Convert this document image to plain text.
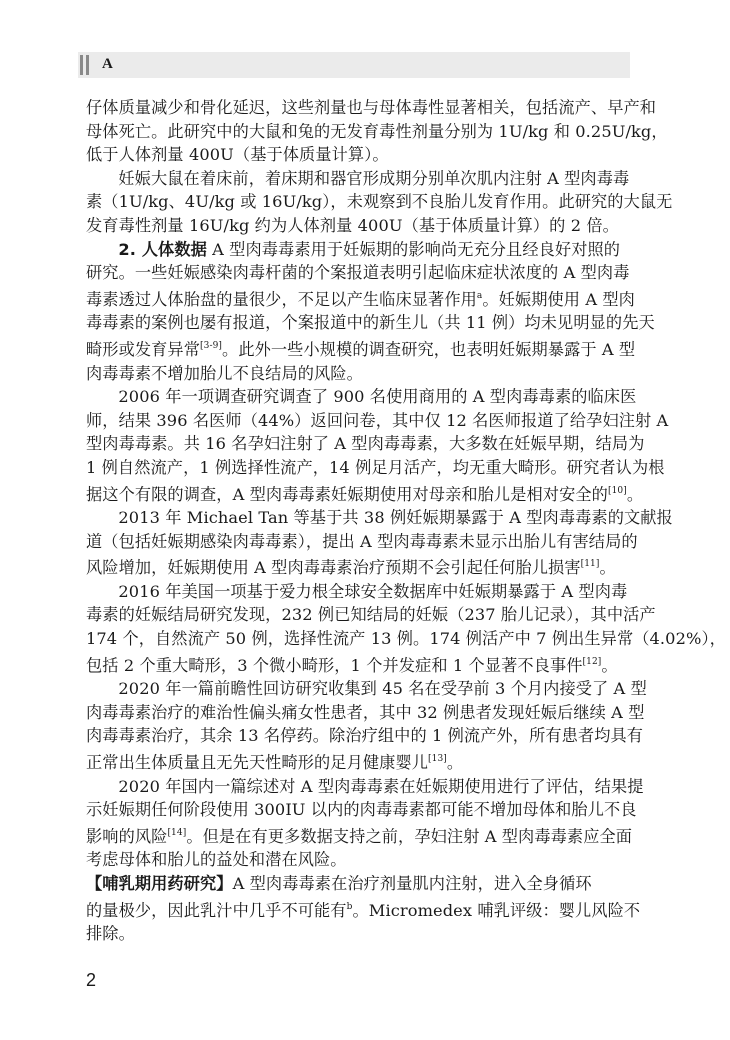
A

仔体质量减少和骨化延迟，这些剂量也与母体毒性显著相关，包括流产、早产和
母体死亡。此研究中的大鼠和兔的无发育毒性剂量分别为 1U/kg 和 0.25U/kg，
低于人体剂量 400U（基于体质量计算）。

妊娠大鼠在着床前，着床期和器官形成期分别单次肌内注射 A 型肉毒毒
素（1U/kg、4U/kg 或 16U/kg），未观察到不良胎儿发育作用。此研究的大鼠无
发育毒性剂量 16U/kg 约为人体剂量 400U（基于体质量计算）的 2 倍。

2. 人体数据 A 型肉毒毒素用于妊娠期的影响尚无充分且经良好对照的
研究。一些妊娠感染肉毒杆菌的个案报道表明引起临床症状浓度的 A 型肉毒
毒素透过人体胎盘的量很少，不足以产生临床显著作用$^a$。妊娠期使用 A 型肉
毒毒素的案例也屡有报道，个案报道中的新生儿（共 11 例）均未见明显的先天
畸形或发育异常[3-9]。此外一些小规模的调查研究，也表明妊娠期暴露于 A 型
肉毒毒素不增加胎儿不良结局的风险。

2006 年一项调查研究调查了 900 名使用商用的 A 型肉毒毒素的临床医
师，结果 396 名医师（44%）返回问卷，其中仅 12 名医师报道了给孕妇注射 A
型肉毒毒素。共 16 名孕妇注射了 A 型肉毒毒素，大多数在妊娠早期，结局为
1 例自然流产，1 例选择性流产，14 例足月活产，均无重大畸形。研究者认为根
据这个有限的调查，A 型肉毒毒素妊娠期使用对母亲和胎儿是相对安全的[10]。

2013 年 Michael Tan 等基于共 38 例妊娠期暴露于 A 型肉毒毒素的文献报
道（包括妊娠期感染肉毒毒素），提出 A 型肉毒毒素未显示出胎儿有害结局的
风险增加，妊娠期使用 A 型肉毒毒素治疗预期不会引起任何胎儿损害[11]。

2016 年美国一项基于爱力根全球安全数据库中妊娠期暴露于 A 型肉毒
毒素的妊娠结局研究发现，232 例已知结局的妊娠（237 胎儿记录），其中活产
174 个，自然流产 50 例，选择性流产 13 例。174 例活产中 7 例出生异常（4.02%），
包括 2 个重大畸形，3 个微小畸形，1 个并发症和 1 个显著不良事件[12]。

2020 年一篇前瞻性回访研究收集到 45 名在受孕前 3 个月内接受了 A 型
肉毒毒素治疗的难治性偏头痛女性患者，其中 32 例患者发现妊娠后继续 A 型
肉毒毒素治疗，其余 13 名停药。除治疗组中的 1 例流产外，所有患者均具有
正常出生体质量且无先天性畸形的足月健康婴儿[13]。

2020 年国内一篇综述对 A 型肉毒毒素在妊娠期使用进行了评估，结果提
示妊娠期任何阶段使用 300IU 以内的肉毒毒素都可能不增加母体和胎儿不良
影响的风险[14]。但是在有更多数据支持之前，孕妇注射 A 型肉毒毒素应全面
考虑母体和胎儿的益处和潜在风险。

【哺乳期用药研究】A 型肉毒毒素在治疗剂量肌内注射，进入全身循环
的量极少，因此乳汁中几乎不可能有$^b$。Micromedex 哺乳评级：婴儿风险不
排除。

2
